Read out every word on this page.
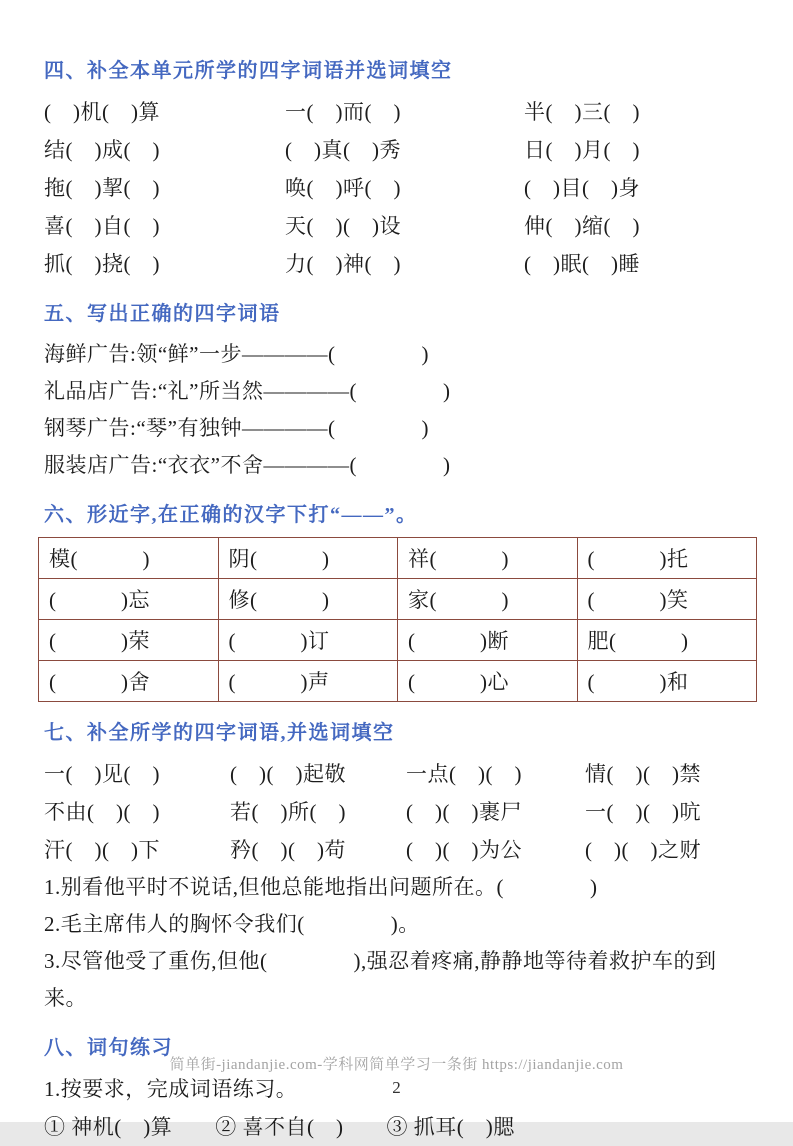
四、补全本单元所学的四字词语并选词填空
(　)机(　)算	一(　)而(　)	半(　)三(　)
结(　)成(　)	(　)真(　)秀	日(　)月(　)
拖(　)挈(　)	唤(　)呼(　)	(　)目(　)身
喜(　)自(　)	天(　)(　)设	伸(　)缩(　)
抓(　)挠(　)	力(　)神(　)	(　)眠(　)睡
五、写出正确的四字词语
海鲜广告:领“鲜”一步————(　　　　)
礼品店广告:“礼”所当然————(　　　　)
钢琴广告:“琴”有独钟————(　　　　)
服装店广告:“衣衣”不舍————(　　　　)
六、形近字,在正确的汉字下打“——”。
模(　　　)	阴(　　　)	祥(　　　)	(　　　)托
(　　　)忘	修(　　　)	家(　　　)	(　　　)笑
(　　　)荣	(　　　)订	(　　　)断	肥(　　　)
(　　　)舍	(　　　)声	(　　　)心	(　　　)和
七、补全所学的四字词语,并选词填空
一(　)见(　)	(　)(　)起敬	一点(　)(　)	情(　)(　)禁
不由(　)(　)	若(　)所(　)	(　)(　)裹尸	一(　)(　)吭
汗(　)(　)下	矜(　)(　)苟	(　)(　)为公	(　)(　)之财
1.别看他平时不说话,但他总能地指出问题所在。(　　　　)
2.毛主席伟人的胸怀令我们(　　　　)。
3.尽管他受了重伤,但他(　　　　),强忍着疼痛,静静地等待着救护车的到来。
八、词句练习
1.按要求，完成词语练习。
① 神机(　)算　　② 喜不自(　)　　③ 抓耳(　)腮
简单街-jiandanjie.com-学科网简单学习一条街 https://jiandanjie.com
2
